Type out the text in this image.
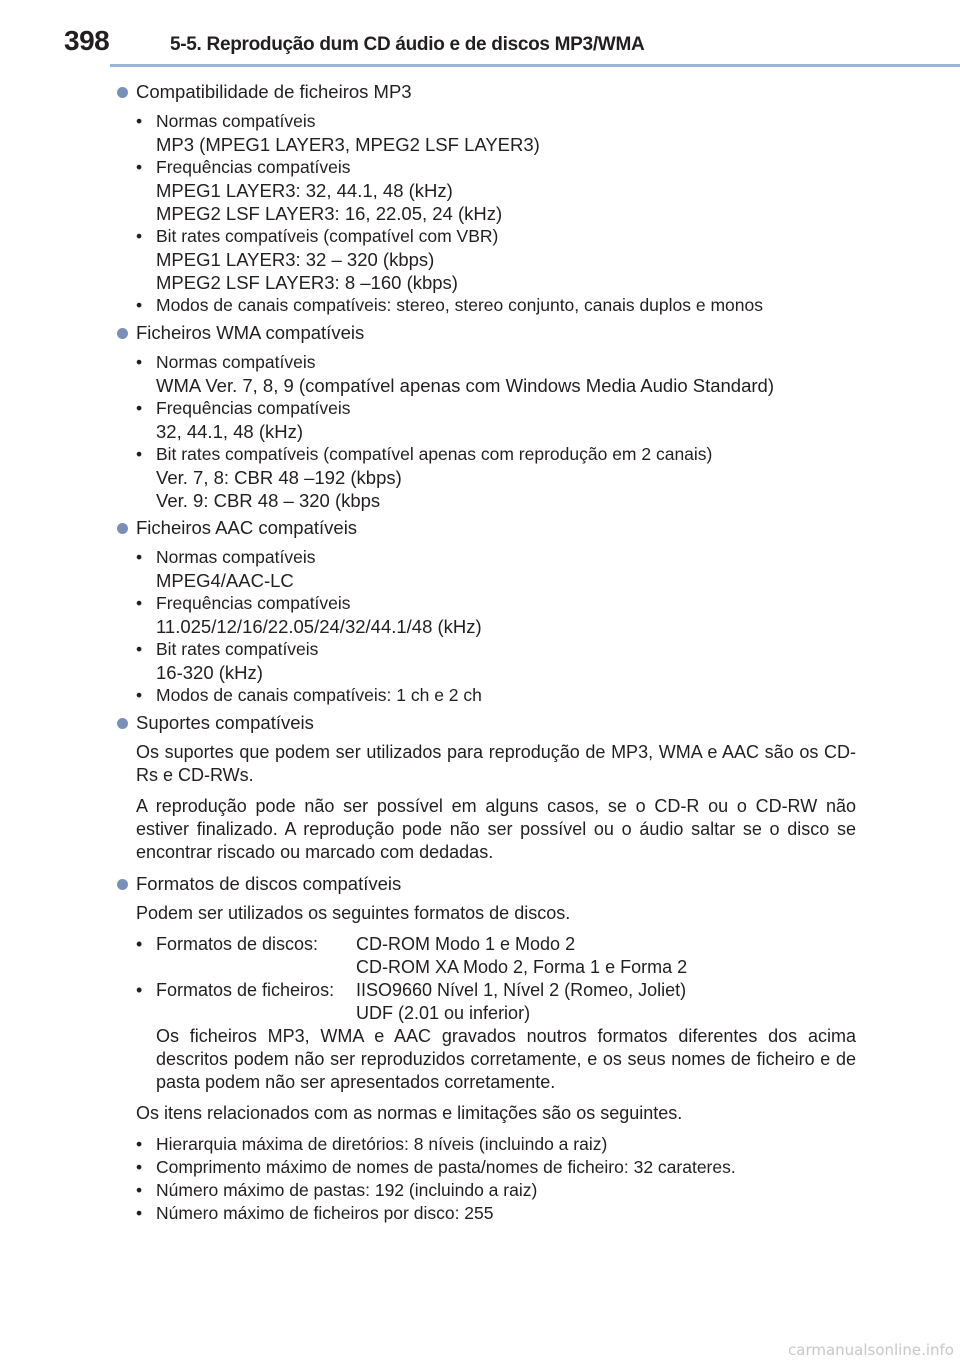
398	5-5. Reprodução dum CD áudio e de discos MP3/WMA
Compatibilidade de ficheiros MP3
• Normas compatíveis
MP3 (MPEG1 LAYER3, MPEG2 LSF LAYER3)
• Frequências compatíveis
MPEG1 LAYER3: 32, 44.1, 48 (kHz)
MPEG2 LSF LAYER3: 16, 22.05, 24 (kHz)
• Bit rates compatíveis (compatível com VBR)
MPEG1 LAYER3: 32 – 320 (kbps)
MPEG2 LSF LAYER3: 8 –160 (kbps)
• Modos de canais compatíveis: stereo, stereo conjunto, canais duplos e monos
Ficheiros WMA compatíveis
• Normas compatíveis
WMA Ver. 7, 8, 9 (compatível apenas com Windows Media Audio Standard)
• Frequências compatíveis
32, 44.1, 48 (kHz)
• Bit rates compatíveis (compatível apenas com reprodução em 2 canais)
Ver. 7, 8: CBR 48 –192 (kbps)
Ver. 9: CBR 48 – 320 (kbps
Ficheiros AAC compatíveis
• Normas compatíveis
MPEG4/AAC-LC
• Frequências compatíveis
11.025/12/16/22.05/24/32/44.1/48 (kHz)
• Bit rates compatíveis
16-320 (kHz)
• Modos de canais compatíveis: 1 ch e 2 ch
Suportes compatíveis
Os suportes que podem ser utilizados para reprodução de MP3, WMA e AAC são os CD-Rs e CD-RWs.
A reprodução pode não ser possível em alguns casos, se o CD-R ou o CD-RW não estiver finalizado. A reprodução pode não ser possível ou o áudio saltar se o disco se encontrar riscado ou marcado com dedadas.
Formatos de discos compatíveis
Podem ser utilizados os seguintes formatos de discos.
• Formatos de discos: CD-ROM Modo 1 e Modo 2
CD-ROM XA Modo 2, Forma 1 e Forma 2
• Formatos de ficheiros: IISO9660 Nível 1, Nível 2 (Romeo, Joliet)
UDF (2.01 ou inferior)
Os ficheiros MP3, WMA e AAC gravados noutros formatos diferentes dos acima descritos podem não ser reproduzidos corretamente, e os seus nomes de ficheiro e de pasta podem não ser apresentados corretamente.
Os itens relacionados com as normas e limitações são os seguintes.
• Hierarquia máxima de diretórios: 8 níveis (incluindo a raiz)
• Comprimento máximo de nomes de pasta/nomes de ficheiro: 32 carateres.
• Número máximo de pastas: 192 (incluindo a raiz)
• Número máximo de ficheiros por disco: 255
carmanualsonline.info
